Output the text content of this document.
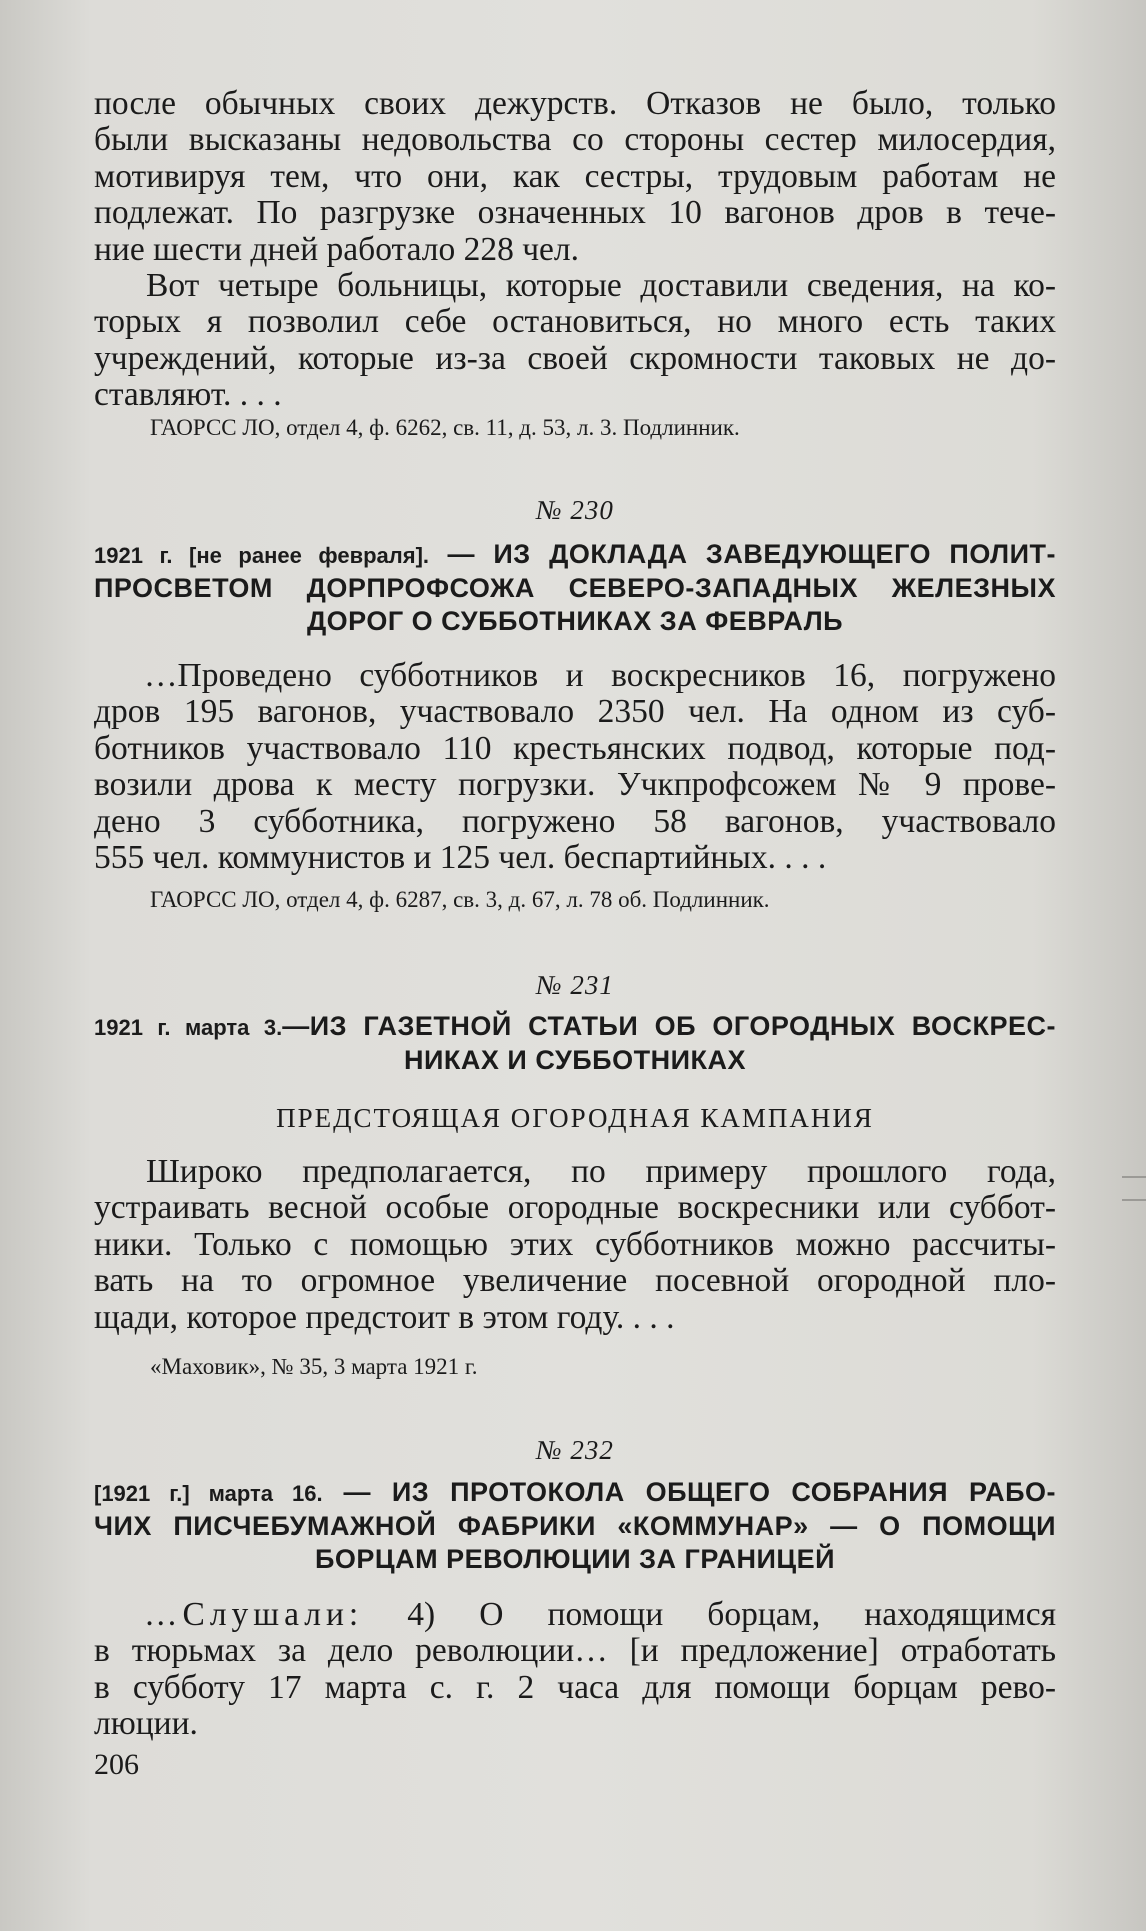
после обычных своих дежурств. Отказов не было, только

были высказаны недовольства со стороны сестер милосердия,

мотивируя тем, что они, как сестры, трудовым работам не

подлежат. По разгрузке означенных 10 вагонов дров в тече-

ние шести дней работало 228 чел.

Вот четыре больницы, которые доставили сведения, на ко-

торых я позволил себе остановиться, но много есть таких

учреждений, которые из-за своей скромности таковых не до-

ставляют. . . .

ГАОРСС ЛО, отдел 4, ф. 6262, св. 11, д. 53, л. 3. Подлинник.

№ 230

1921 г. [не ранее февраля]. — ИЗ ДОКЛАДА ЗАВЕДУЮЩЕГО ПОЛИТ-

ПРОСВЕТОМ ДОРПРОФСОЖА СЕВЕРО-ЗАПАДНЫХ ЖЕЛЕЗНЫХ

ДОРОГ О СУББОТНИКАХ ЗА ФЕВРАЛЬ

…Проведено субботников и воскресников 16, погружено

дров 195 вагонов, участвовало 2350 чел. На одном из суб-

ботников участвовало 110 крестьянских подвод, которые под-

возили дрова к месту погрузки. Учкпрофсожем № 9 прове-

дено 3 субботника, погружено 58 вагонов, участвовало

555 чел. коммунистов и 125 чел. беспартийных. . . .

ГАОРСС ЛО, отдел 4, ф. 6287, св. 3, д. 67, л. 78 об. Подлинник.

№ 231

1921 г. марта 3.—ИЗ ГАЗЕТНОЙ СТАТЬИ ОБ ОГОРОДНЫХ ВОСКРЕС-

НИКАХ И СУББОТНИКАХ

ПРЕДСТОЯЩАЯ ОГОРОДНАЯ КАМПАНИЯ

Широко предполагается, по примеру прошлого года,

устраивать весной особые огородные воскресники или суббот-

ники. Только с помощью этих субботников можно рассчиты-

вать на то огромное увеличение посевной огородной пло-

щади, которое предстоит в этом году. . . .

«Маховик», № 35, 3 марта 1921 г.

№ 232

[1921 г.] марта 16. — ИЗ ПРОТОКОЛА ОБЩЕГО СОБРАНИЯ РАБО-

ЧИХ ПИСЧЕБУМАЖНОЙ ФАБРИКИ «КОММУНАР» — О ПОМОЩИ

БОРЦАМ РЕВОЛЮЦИИ ЗА ГРАНИЦЕЙ

…Слушали: 4) О помощи борцам, находящимся

в тюрьмах за дело революции… [и предложение] отработать

в субботу 17 марта с. г. 2 часа для помощи борцам рево-

люции.

206
